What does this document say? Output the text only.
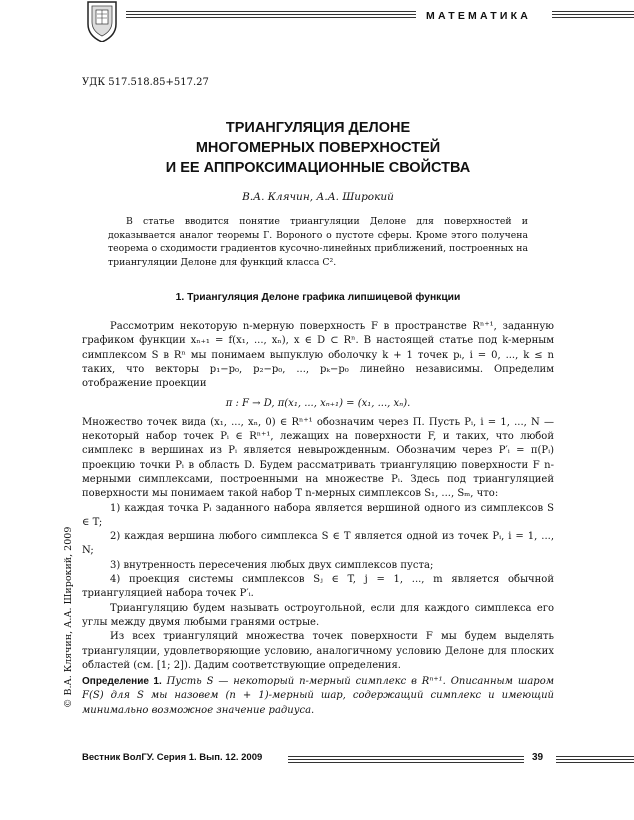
МАТЕМАТИКА
УДК 517.518.85+517.27
ТРИАНГУЛЯЦИЯ ДЕЛОНЕ
МНОГОМЕРНЫХ ПОВЕРХНОСТЕЙ
И ЕЕ АППРОКСИМАЦИОННЫЕ СВОЙСТВА
В.А. Клячин, А.А. Широкий

В статье вводится понятие триангуляции Делоне для поверхностей и доказывается аналог теоремы Г. Вороного о пустоте сферы. Кроме этого получена теорема о сходимости градиентов кусочно-линейных приближений, построенных на триангуляции Делоне для функций класса C².

1. Триангуляция Делоне графика липшицевой функции

Рассмотрим некоторую n-мерную поверхность F в пространстве Rⁿ⁺¹, заданную графиком функции xₙ₊₁ = f(x₁, ..., xₙ), x ∈ D ⊂ Rⁿ. В настоящей статье под k-мерным симплексом S в Rⁿ мы понимаем выпуклую оболочку k + 1 точек pᵢ, i = 0, ..., k ≤ n таких, что векторы p₁−p₀, p₂−p₀, ..., pₖ−p₀ линейно независимы. Определим отображение проекции

π : F → D, π(x₁, ..., xₙ₊₁) = (x₁, ..., xₙ).

Множество точек вида (x₁, ..., xₙ, 0) ∈ Rⁿ⁺¹ обозначим через Π. Пусть Pᵢ, i = 1, ..., N — некоторый набор точек Pᵢ ∈ Rⁿ⁺¹, лежащих на поверхности F, и таких, что любой симплекс в вершинах из Pᵢ является невырожденным. Обозначим через P′ᵢ = π(Pᵢ) проекцию точки Pᵢ в область D. Будем рассматривать триангуляцию поверхности F n-мерными симплексами, построенными на множестве Pᵢ. Здесь под триангуляцией поверхности мы понимаем такой набор T n-мерных симплексов S₁, ..., Sₘ, что:

1) каждая точка Pᵢ заданного набора является вершиной одного из симплексов S ∈ T;

2) каждая вершина любого симплекса S ∈ T является одной из точек Pᵢ, i = 1, ..., N;

3) внутренность пересечения любых двух симплексов пуста;

4) проекция системы симплексов Sⱼ ∈ T, j = 1, ..., m является обычной триангуляцией набора точек P′ᵢ.

Триангуляцию будем называть остроугольной, если для каждого симплекса его углы между двумя любыми гранями острые.

Из всех триангуляций множества точек поверхности F мы будем выделять триангуляции, удовлетворяющие условию, аналогичному условию Делоне для плоских областей (см. [1; 2]). Дадим соответствующие определения.

Определение 1. Пусть S — некоторый n-мерный симплекс в Rⁿ⁺¹. Описанным шаром F(S) для S мы назовем (n + 1)-мерный шар, содержащий симплекс и имеющий минимально возможное значение радиуса.

© В.А. Клячин, А.А. Широкий, 2009
Вестник ВолГУ. Серия 1. Вып. 12. 2009	39
